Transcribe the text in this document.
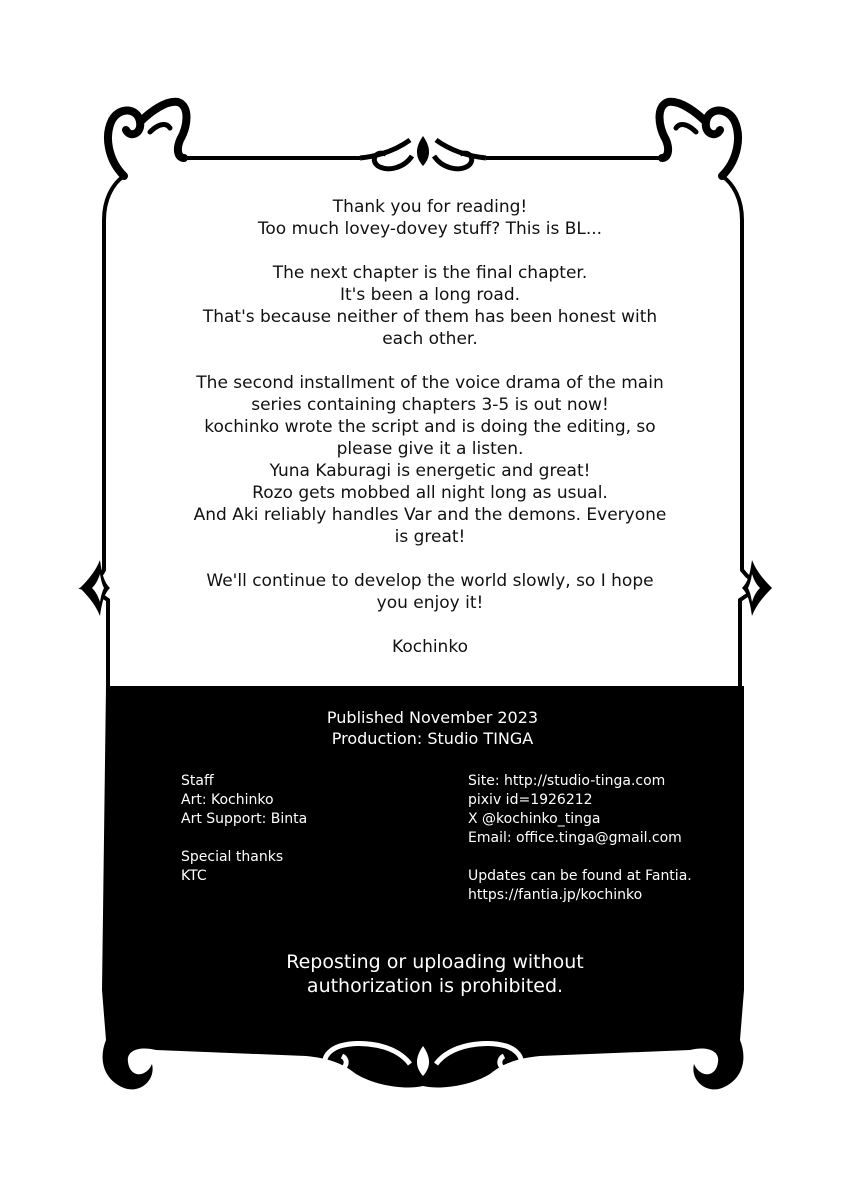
Thank you for reading!
Too much lovey-dovey stuff? This is BL...
The next chapter is the final chapter.
It's been a long road.
That's because neither of them has been honest with
each other.
The second installment of the voice drama of the main
series containing chapters 3-5 is out now!
kochinko wrote the script and is doing the editing, so
please give it a listen.
Yuna Kaburagi is energetic and great!
Rozo gets mobbed all night long as usual.
And Aki reliably handles Var and the demons. Everyone
is great!
We'll continue to develop the world slowly, so I hope
you enjoy it!
Kochinko
Published November 2023
Production: Studio TINGA
Staff
Art: Kochinko
Art Support: Binta
Special thanks
KTC
Site: http://studio-tinga.com
pixiv id=1926212
X @kochinko_tinga
Email: office.tinga@gmail.com
Updates can be found at Fantia.
https://fantia.jp/kochinko
Reposting or uploading without
authorization is prohibited.
